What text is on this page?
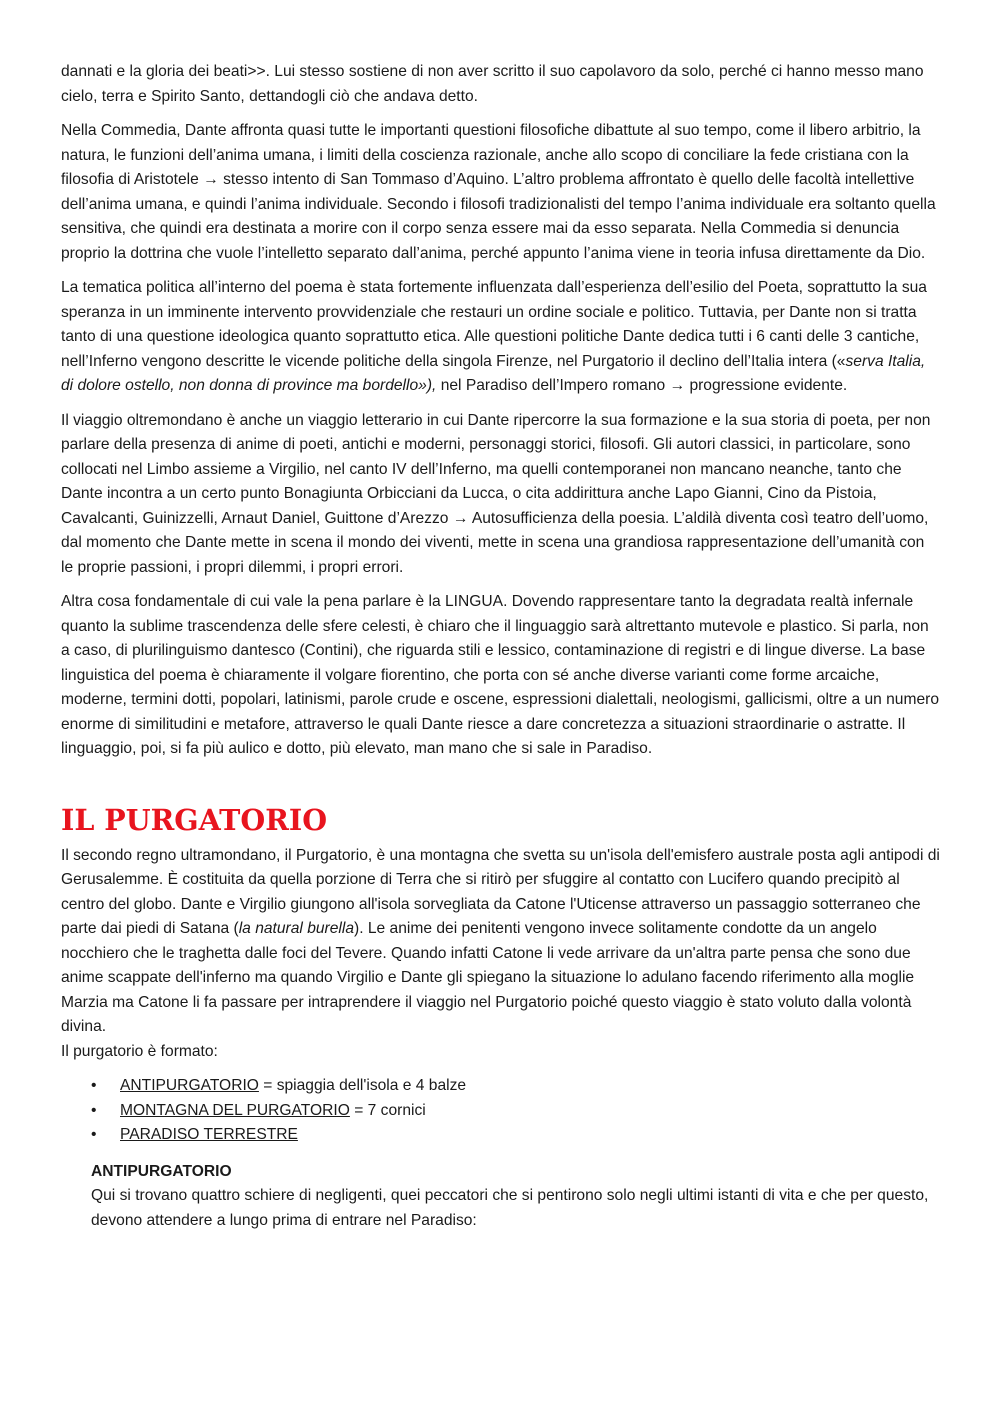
dannati e la gloria dei beati>>. Lui stesso sostiene di non aver scritto il suo capolavoro da solo, perché ci hanno messo mano cielo, terra e Spirito Santo, dettandogli ciò che andava detto.

Nella Commedia, Dante affronta quasi tutte le importanti questioni filosofiche dibattute al suo tempo, come il libero arbitrio, la natura, le funzioni dell’anima umana, i limiti della coscienza razionale, anche allo scopo di conciliare la fede cristiana con la filosofia di Aristotele → stesso intento di San Tommaso d’Aquino. L’altro problema affrontato è quello delle facoltà intellettive dell’anima umana, e quindi l’anima individuale. Secondo i filosofi tradizionalisti del tempo l’anima individuale era soltanto quella sensitiva, che quindi era destinata a morire con il corpo senza essere mai da esso separata. Nella Commedia si denuncia proprio la dottrina che vuole l’intelletto separato dall’anima, perché appunto l’anima viene in teoria infusa direttamente da Dio.

La tematica politica all’interno del poema è stata fortemente influenzata dall’esperienza dell’esilio del Poeta, soprattutto la sua speranza in un imminente intervento provvidenziale che restauri un ordine sociale e politico. Tuttavia, per Dante non si tratta tanto di una questione ideologica quanto soprattutto etica. Alle questioni politiche Dante dedica tutti i 6 canti delle 3 cantiche, nell’Inferno vengono descritte le vicende politiche della singola Firenze, nel Purgatorio il declino dell’Italia intera («serva Italia, di dolore ostello, non donna di province ma bordello»), nel Paradiso dell’Impero romano → progressione evidente.

Il viaggio oltremondano è anche un viaggio letterario in cui Dante ripercorre la sua formazione e la sua storia di poeta, per non parlare della presenza di anime di poeti, antichi e moderni, personaggi storici, filosofi. Gli autori classici, in particolare, sono collocati nel Limbo assieme a Virgilio, nel canto IV dell’Inferno, ma quelli contemporanei non mancano neanche, tanto che Dante incontra a un certo punto Bonagiunta Orbicciani da Lucca, o cita addirittura anche Lapo Gianni, Cino da Pistoia, Cavalcanti, Guinizzelli, Arnaut Daniel, Guittone d’Arezzo → Autosufficienza della poesia. L’aldilà diventa così teatro dell’uomo, dal momento che Dante mette in scena il mondo dei viventi, mette in scena una grandiosa rappresentazione dell’umanità con le proprie passioni, i propri dilemmi, i propri errori.

Altra cosa fondamentale di cui vale la pena parlare è la LINGUA. Dovendo rappresentare tanto la degradata realtà infernale quanto la sublime trascendenza delle sfere celesti, è chiaro che il linguaggio sarà altrettanto mutevole e plastico. Si parla, non a caso, di plurilinguismo dantesco (Contini), che riguarda stili e lessico, contaminazione di registri e di lingue diverse. La base linguistica del poema è chiaramente il volgare fiorentino, che porta con sé anche diverse varianti come forme arcaiche, moderne, termini dotti, popolari, latinismi, parole crude e oscene, espressioni dialettali, neologismi, gallicismi, oltre a un numero enorme di similitudini e metafore, attraverso le quali Dante riesce a dare concretezza a situazioni straordinarie o astratte. Il linguaggio, poi, si fa più aulico e dotto, più elevato, man mano che si sale in Paradiso.

IL PURGATORIO

Il secondo regno ultramondano, il Purgatorio, è una montagna che svetta su un'isola dell'emisfero australe posta agli antipodi di Gerusalemme. È costituita da quella porzione di Terra che si ritirò per sfuggire al contatto con Lucifero quando precipitò al centro del globo. Dante e Virgilio giungono all'isola sorvegliata da Catone l'Uticense attraverso un passaggio sotterraneo che parte dai piedi di Satana (la natural burella). Le anime dei penitenti vengono invece solitamente condotte da un angelo nocchiero che le traghetta dalle foci del Tevere. Quando infatti Catone li vede arrivare da un'altra parte pensa che sono due anime scappate dell'inferno ma quando Virgilio e Dante gli spiegano la situazione lo adulano facendo riferimento alla moglie Marzia ma Catone li fa passare per intraprendere il viaggio nel Purgatorio poiché questo viaggio è stato voluto dalla volontà divina.
Il purgatorio è formato:

• ANTIPURGATORIO = spiaggia dell'isola e 4 balze
• MONTAGNA DEL PURGATORIO = 7 cornici
• PARADISO TERRESTRE
ANTIPURGATORIO
Qui si trovano quattro schiere di negligenti, quei peccatori che si pentirono solo negli ultimi istanti di vita e che per questo, devono attendere a lungo prima di entrare nel Paradiso:
